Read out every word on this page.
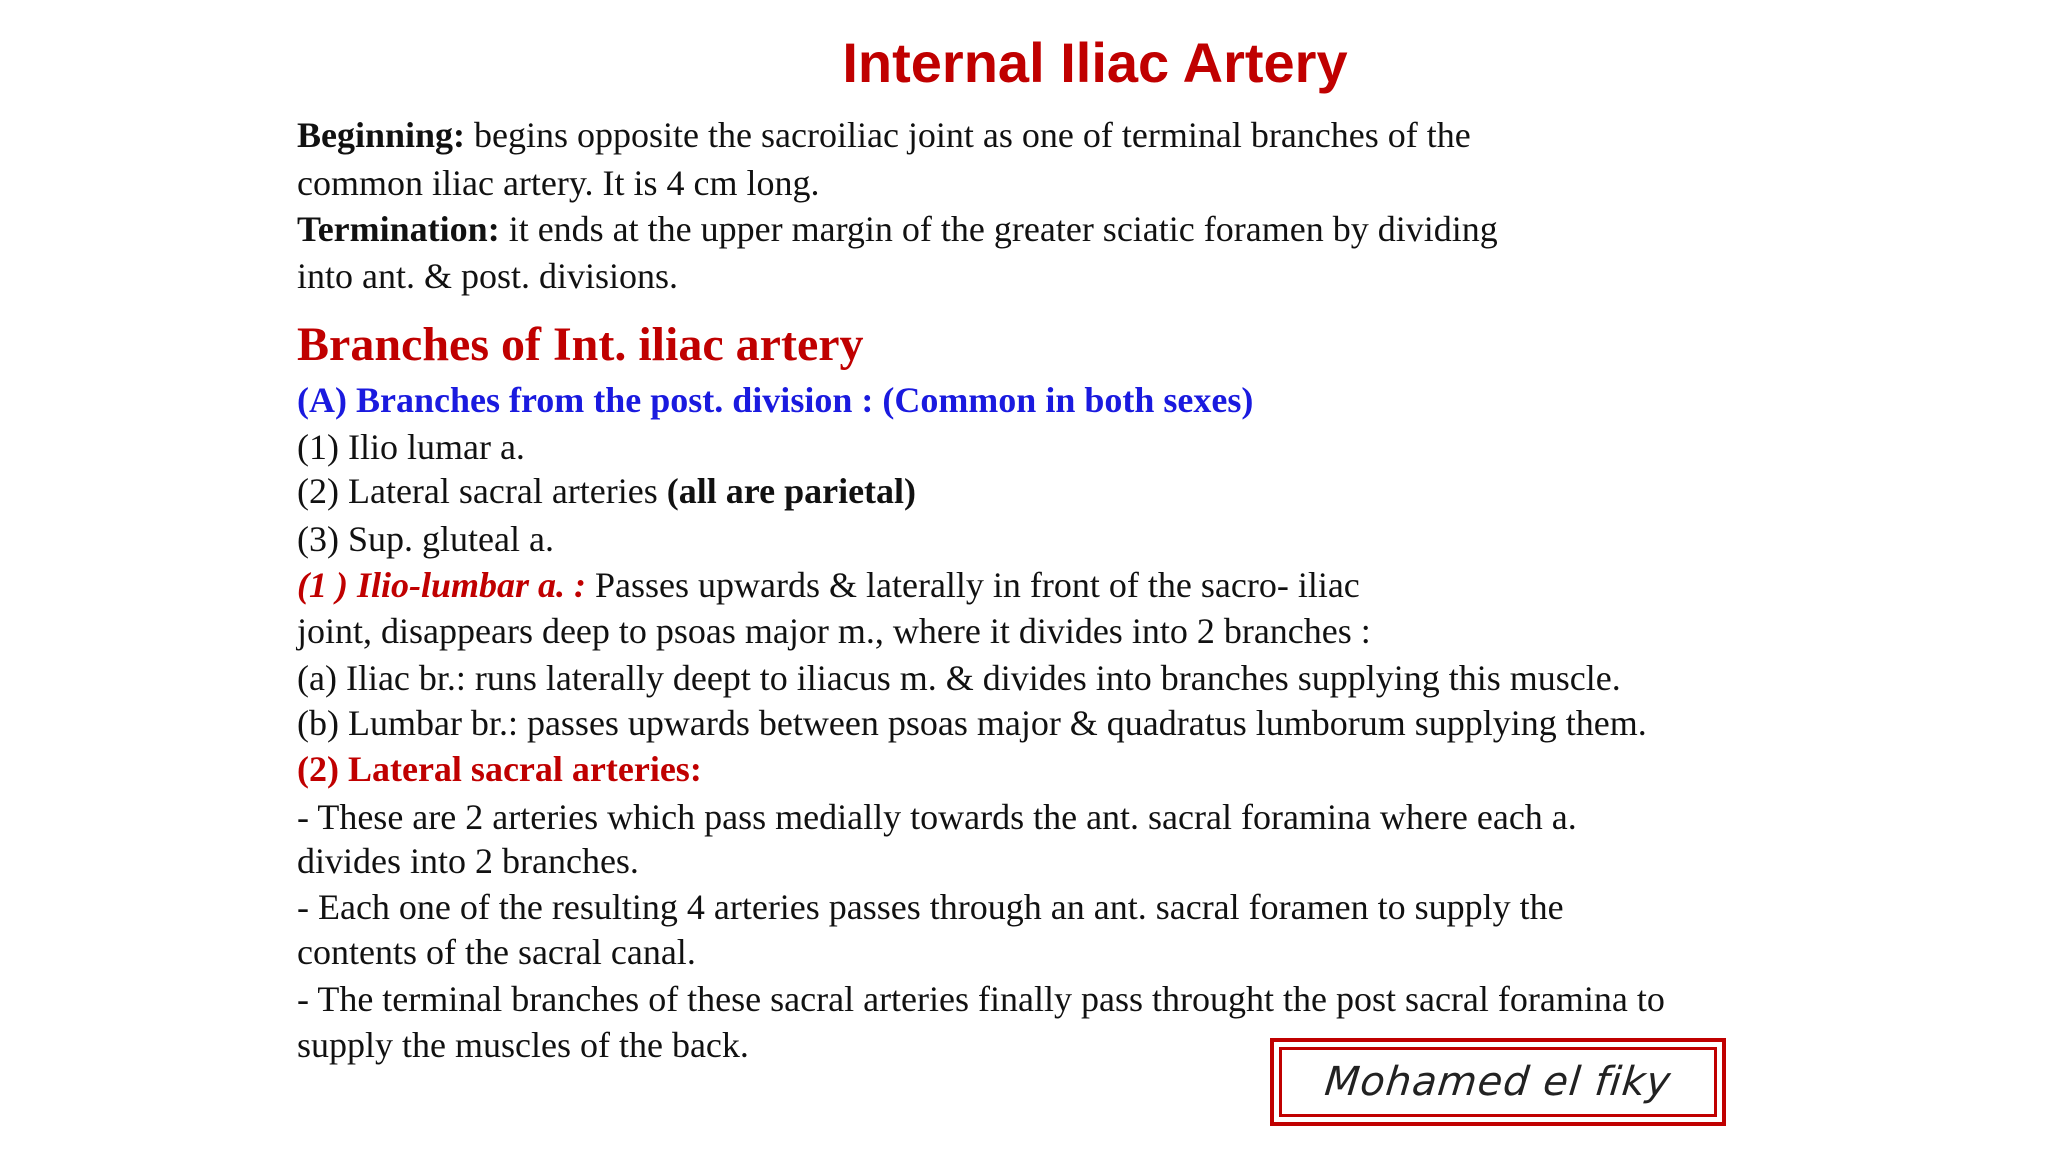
Internal Iliac Artery

Beginning: begins opposite the sacroiliac joint as one of terminal branches of the

common iliac artery. It is 4 cm long.

Termination: it ends at the upper margin of the greater sciatic foramen by dividing

into ant. & post. divisions.

Branches of Int. iliac artery

(A) Branches from the post. division : (Common in both sexes)

(1) Ilio lumar a.

(2) Lateral sacral arteries (all are parietal)

(3) Sup. gluteal a.

(1 ) Ilio-lumbar a. : Passes upwards & laterally in front of the sacro- iliac

joint, disappears deep to psoas major m., where it divides into 2 branches :

(a) Iliac br.: runs laterally deept to iliacus m. & divides into branches supplying this muscle.

(b) Lumbar br.: passes upwards between psoas major & quadratus lumborum supplying them.

(2) Lateral sacral arteries:

- These are 2 arteries which pass medially towards the ant. sacral foramina where each a.

divides into 2 branches.

- Each one of the resulting 4 arteries passes through an ant. sacral foramen to supply the

contents of the sacral canal.

- The terminal branches of these sacral arteries finally pass throught the post sacral foramina to

supply the muscles of the back.

Mohamed el fiky
